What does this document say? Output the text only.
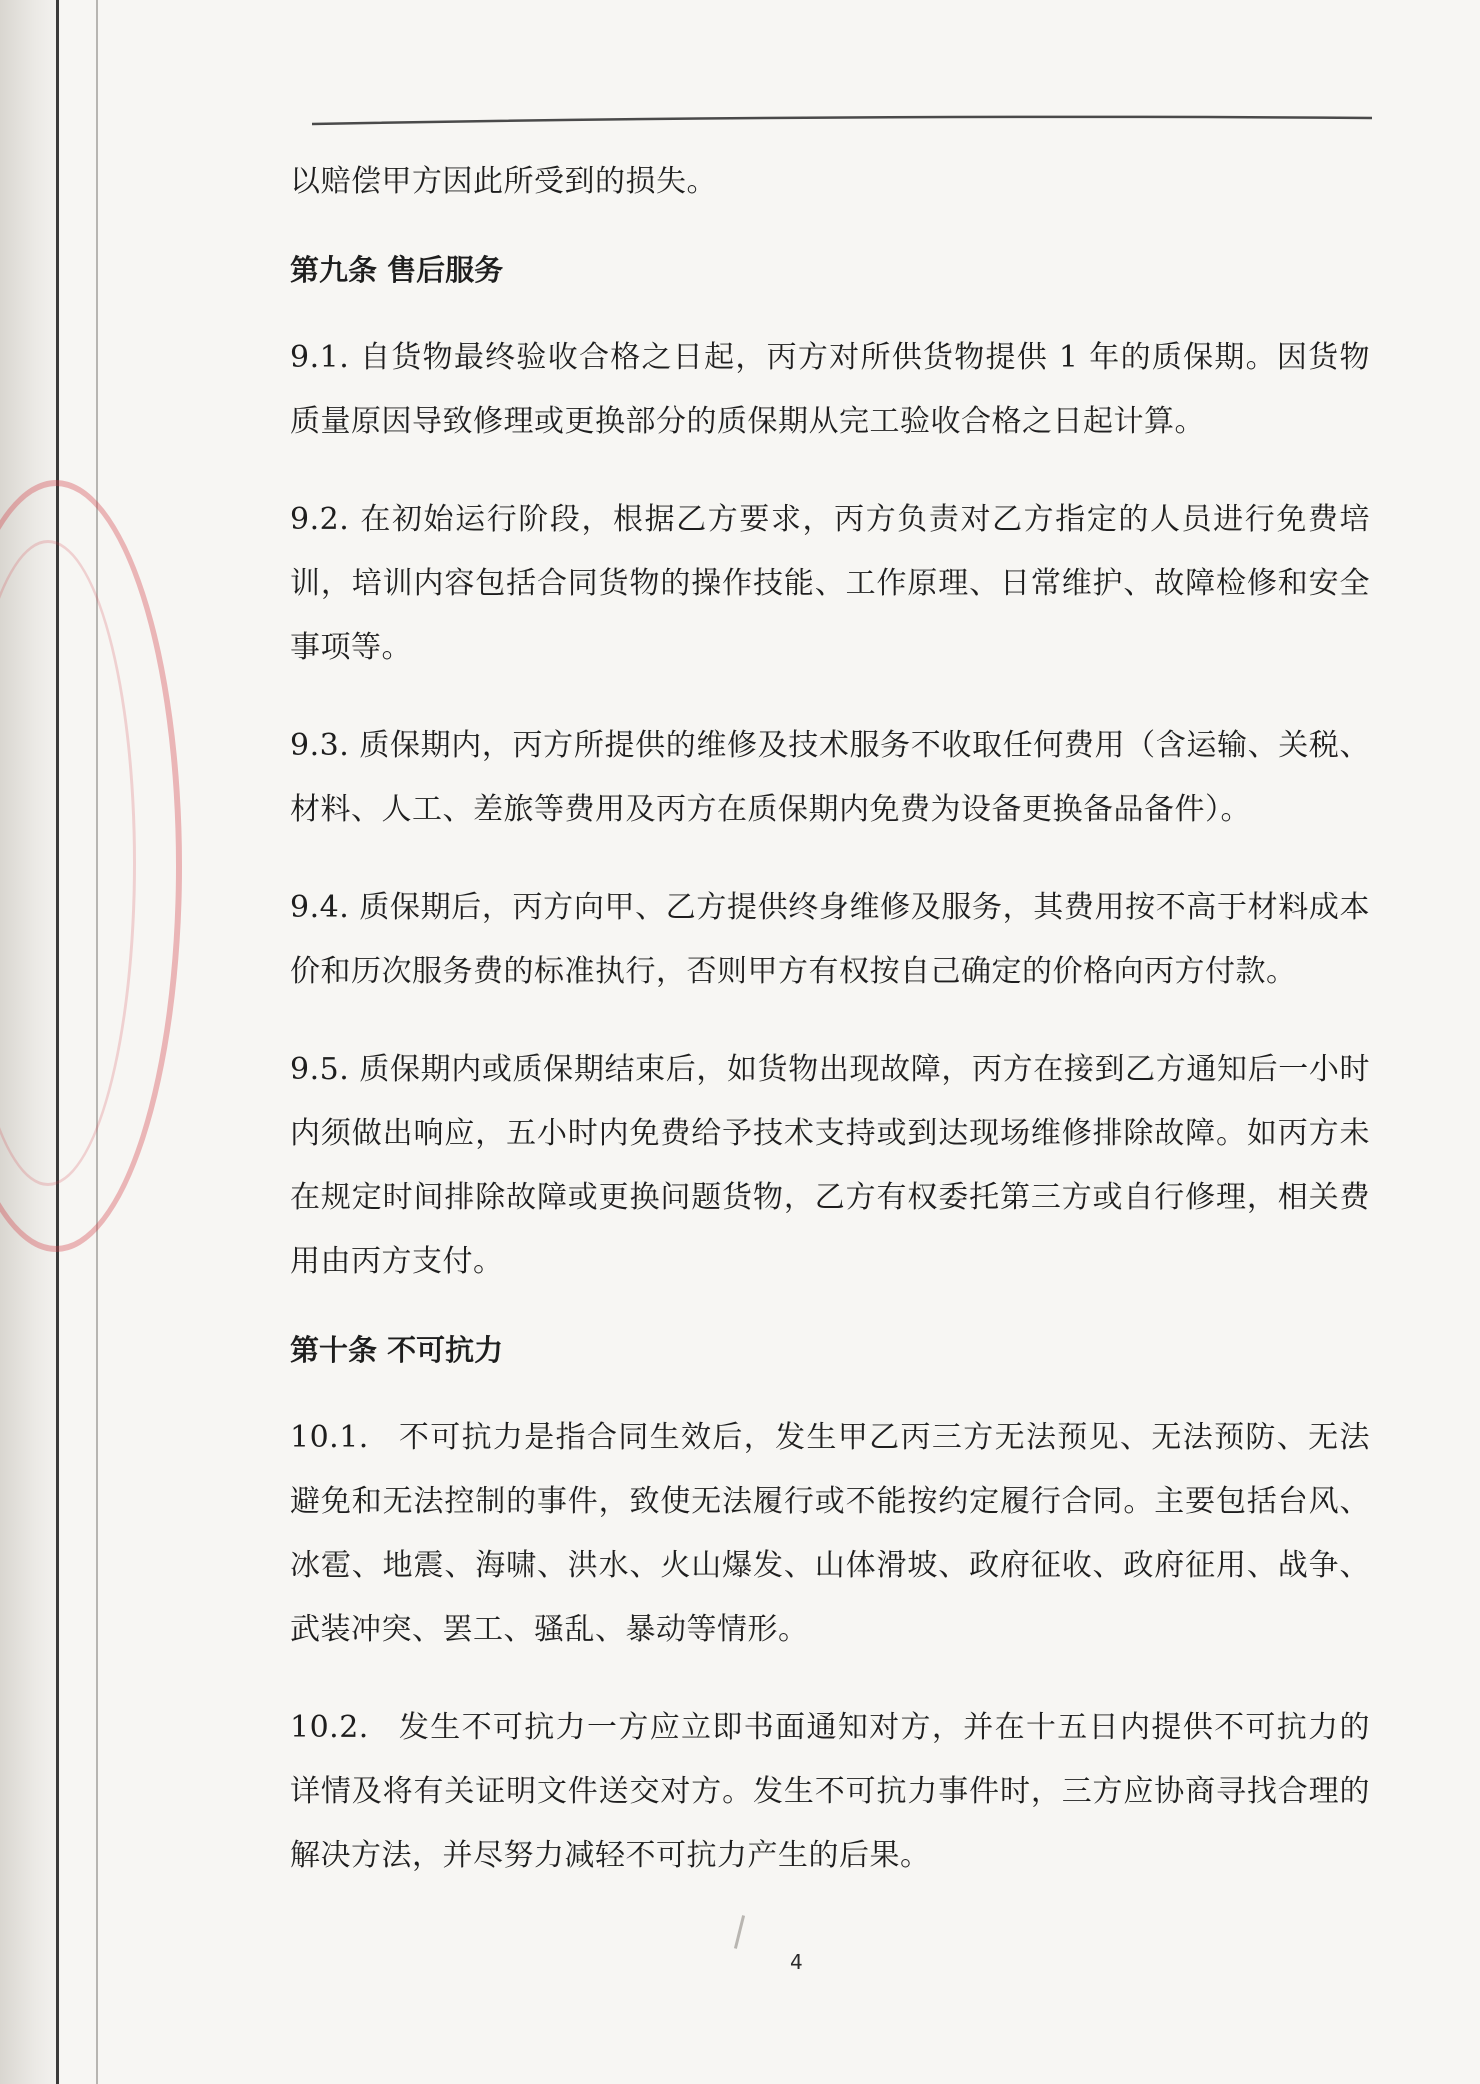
以赔偿甲方因此所受到的损失。

第九条 售后服务

9.1. 自货物最终验收合格之日起，丙方对所供货物提供 1 年的质保期。因货物质量原因导致修理或更换部分的质保期从完工验收合格之日起计算。

9.2. 在初始运行阶段，根据乙方要求，丙方负责对乙方指定的人员进行免费培训，培训内容包括合同货物的操作技能、工作原理、日常维护、故障检修和安全事项等。

9.3. 质保期内，丙方所提供的维修及技术服务不收取任何费用（含运输、关税、材料、人工、差旅等费用及丙方在质保期内免费为设备更换备品备件）。

9.4. 质保期后，丙方向甲、乙方提供终身维修及服务，其费用按不高于材料成本价和历次服务费的标准执行，否则甲方有权按自己确定的价格向丙方付款。

9.5. 质保期内或质保期结束后，如货物出现故障，丙方在接到乙方通知后一小时内须做出响应，五小时内免费给予技术支持或到达现场维修排除故障。如丙方未在规定时间排除故障或更换问题货物，乙方有权委托第三方或自行修理，相关费用由丙方支付。

第十条 不可抗力

10.1. 不可抗力是指合同生效后，发生甲乙丙三方无法预见、无法预防、无法避免和无法控制的事件，致使无法履行或不能按约定履行合同。主要包括台风、冰雹、地震、海啸、洪水、火山爆发、山体滑坡、政府征收、政府征用、战争、武装冲突、罢工、骚乱、暴动等情形。

10.2. 发生不可抗力一方应立即书面通知对方，并在十五日内提供不可抗力的详情及将有关证明文件送交对方。发生不可抗力事件时，三方应协商寻找合理的解决方法，并尽努力减轻不可抗力产生的后果。

4
